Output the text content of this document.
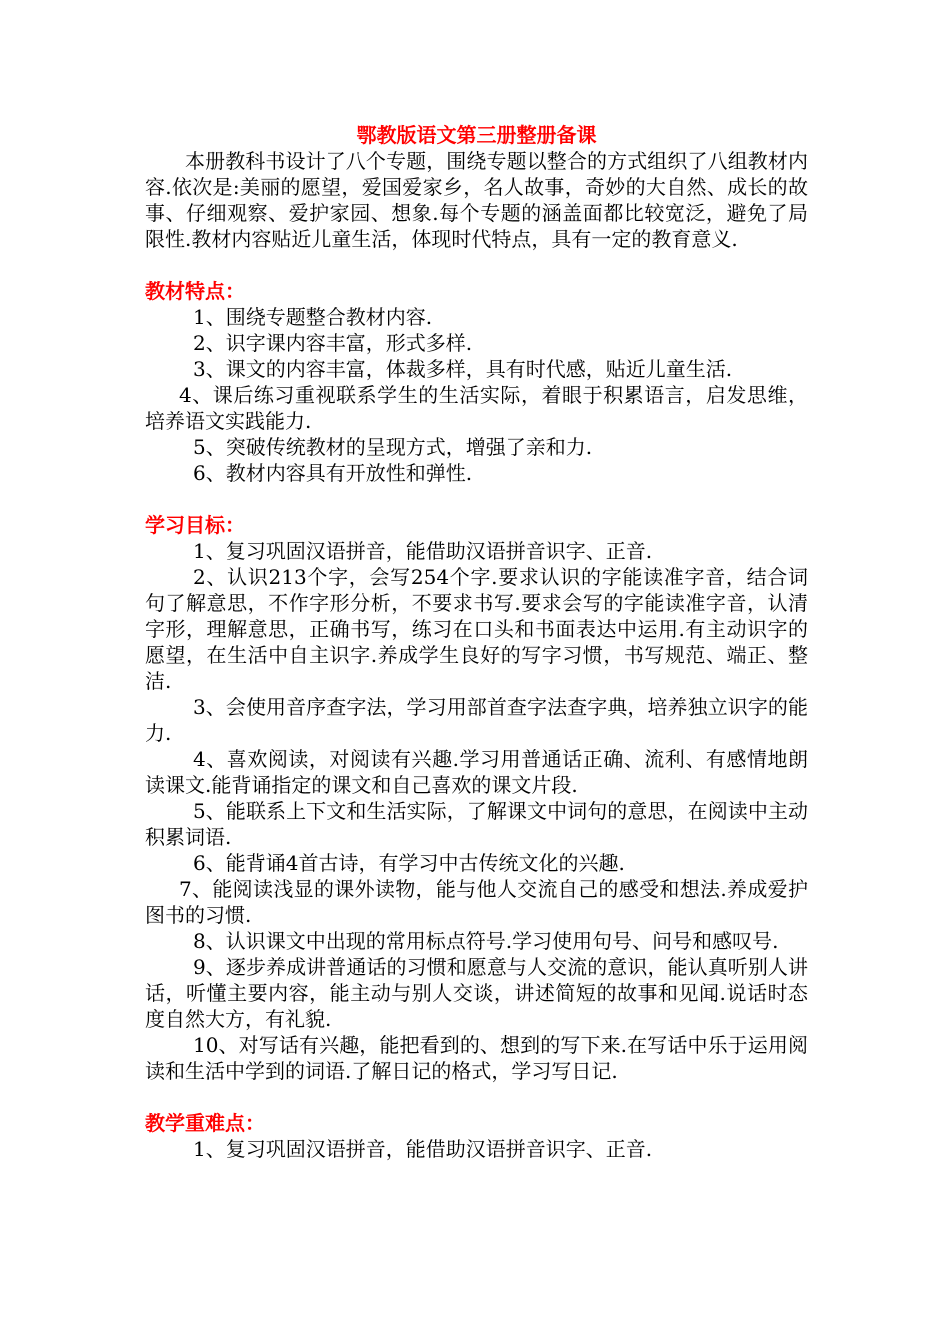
鄂教版语文第三册整册备课

本册教科书设计了八个专题，围绕专题以整合的方式组织了八组教材内容.依次是:美丽的愿望，爱国爱家乡，名人故事，奇妙的大自然、成长的故事、仔细观察、爱护家园、想象.每个专题的涵盖面都比较宽泛，避免了局限性.教材内容贴近儿童生活，体现时代特点，具有一定的教育意义.

教材特点：

1、围绕专题整合教材内容.

2、识字课内容丰富，形式多样.

3、课文的内容丰富，体裁多样，具有时代感，贴近儿童生活.

4、课后练习重视联系学生的生活实际，着眼于积累语言，启发思维，培养语文实践能力.

5、突破传统教材的呈现方式，增强了亲和力.

6、教材内容具有开放性和弹性.

学习目标：

1、复习巩固汉语拼音，能借助汉语拼音识字、正音.

2、认识213个字，会写254个字.要求认识的字能读准字音，结合词句了解意思，不作字形分析，不要求书写.要求会写的字能读准字音，认清字形，理解意思，正确书写，练习在口头和书面表达中运用.有主动识字的愿望，在生活中自主识字.养成学生良好的写字习惯，书写规范、端正、整洁.

3、会使用音序查字法，学习用部首查字法查字典，培养独立识字的能力.

4、喜欢阅读，对阅读有兴趣.学习用普通话正确、流利、有感情地朗读课文.能背诵指定的课文和自己喜欢的课文片段.

5、能联系上下文和生活实际，了解课文中词句的意思，在阅读中主动积累词语.

6、能背诵4首古诗，有学习中古传统文化的兴趣.

7、能阅读浅显的课外读物，能与他人交流自己的感受和想法.养成爱护图书的习惯.

8、认识课文中出现的常用标点符号.学习使用句号、问号和感叹号.

9、逐步养成讲普通话的习惯和愿意与人交流的意识，能认真听别人讲话，听懂主要内容，能主动与别人交谈，讲述简短的故事和见闻.说话时态度自然大方，有礼貌.

10、对写话有兴趣，能把看到的、想到的写下来.在写话中乐于运用阅读和生活中学到的词语.了解日记的格式，学习写日记.

教学重难点：

1、复习巩固汉语拼音，能借助汉语拼音识字、正音.
